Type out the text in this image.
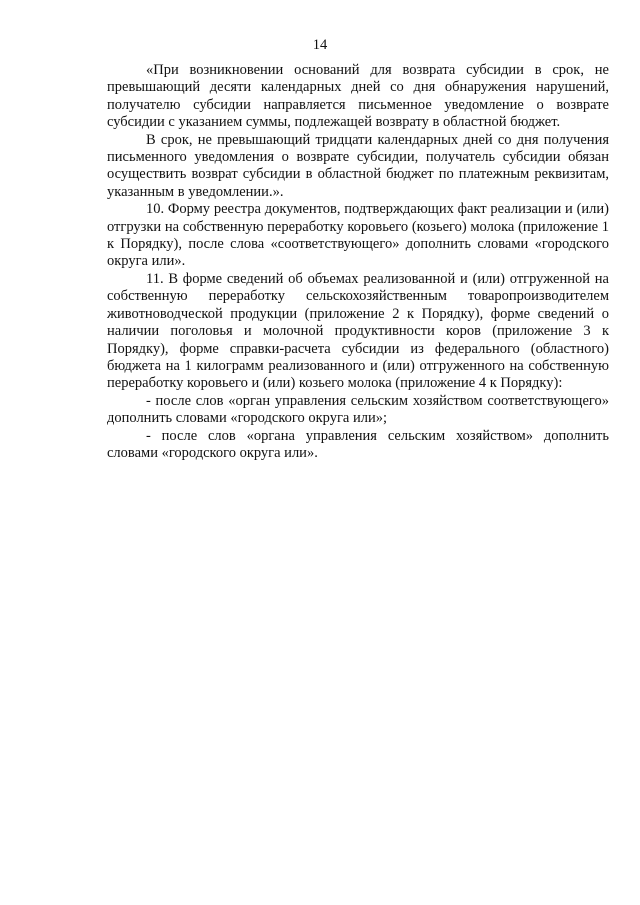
14

«При возникновении оснований для возврата субсидии в срок, не превышающий десяти календарных дней со дня обнаружения нарушений, получателю субсидии направляется письменное уведомление о возврате субсидии с указанием суммы, подлежащей возврату в областной бюджет.

В срок, не превышающий тридцати календарных дней со дня получения письменного уведомления о возврате субсидии, получатель субсидии обязан осуществить возврат субсидии в областной бюджет по платежным реквизитам, указанным в уведомлении.».

10. Форму реестра документов, подтверждающих факт реализации и (или) отгрузки на собственную переработку коровьего (козьего) молока (приложение 1 к Порядку), после слова «соответствующего» дополнить словами «городского округа или».

11. В форме сведений об объемах реализованной и (или) отгруженной на собственную переработку сельскохозяйственным товаропроизводителем животноводческой продукции (приложение 2 к Порядку), форме сведений о наличии поголовья и молочной продуктивности коров (приложение 3 к Порядку), форме справки-расчета субсидии из федерального (областного) бюджета на 1 килограмм реализованного и (или) отгруженного на собственную переработку коровьего и (или) козьего молока (приложение 4 к Порядку):

- после слов «орган управления сельским хозяйством соответствующего» дополнить словами «городского округа или»;

- после слов «органа управления сельским хозяйством» дополнить словами «городского округа или».
